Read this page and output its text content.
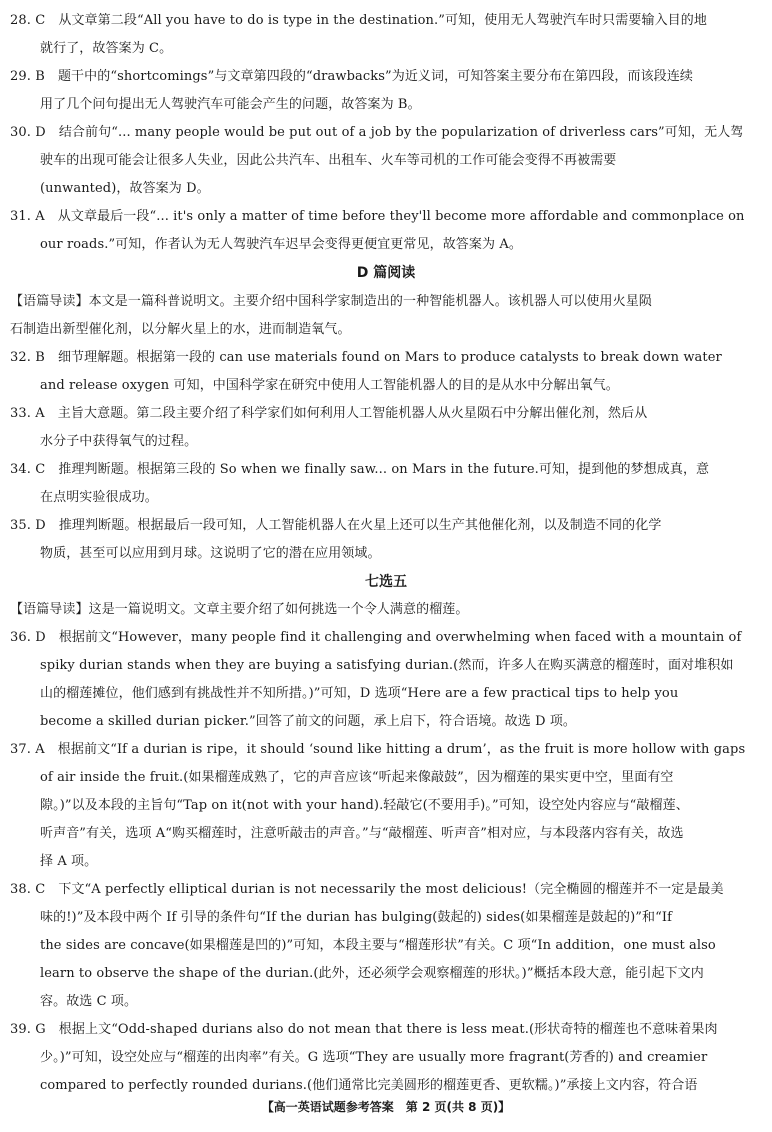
28. C　从文章第二段“All you have to do is type in the destination.”可知，使用无人驾驶汽车时只需要输入目的地
就行了，故答案为 C。
29. B　题干中的“shortcomings”与文章第四段的“drawbacks”为近义词，可知答案主要分布在第四段，而该段连续
用了几个问句提出无人驾驶汽车可能会产生的问题，故答案为 B。
30. D　结合前句“... many people would be put out of a job by the popularization of driverless cars”可知，无人驾
驶车的出现可能会让很多人失业，因此公共汽车、出租车、火车等司机的工作可能会变得不再被需要
(unwanted)，故答案为 D。
31. A　从文章最后一段“... it's only a matter of time before they'll become more affordable and commonplace on
our roads.”可知，作者认为无人驾驶汽车迟早会变得更便宜更常见，故答案为 A。
D 篇阅读
【语篇导读】本文是一篇科普说明文。主要介绍中国科学家制造出的一种智能机器人。该机器人可以使用火星陨
石制造出新型催化剂，以分解火星上的水，进而制造氧气。
32. B　细节理解题。根据第一段的 can use materials found on Mars to produce catalysts to break down water
and release oxygen 可知，中国科学家在研究中使用人工智能机器人的目的是从水中分解出氧气。
33. A　主旨大意题。第二段主要介绍了科学家们如何利用人工智能机器人从火星陨石中分解出催化剂，然后从
水分子中获得氧气的过程。
34. C　推理判断题。根据第三段的 So when we finally saw... on Mars in the future.可知，提到他的梦想成真，意
在点明实验很成功。
35. D　推理判断题。根据最后一段可知，人工智能机器人在火星上还可以生产其他催化剂，以及制造不同的化学
物质，甚至可以应用到月球。这说明了它的潜在应用领域。
七选五
【语篇导读】这是一篇说明文。文章主要介绍了如何挑选一个令人满意的榴莲。
36. D　根据前文“However，many people find it challenging and overwhelming when faced with a mountain of
spiky durian stands when they are buying a satisfying durian.(然而，许多人在购买满意的榴莲时，面对堆积如
山的榴莲摊位，他们感到有挑战性并不知所措。)”可知，D 选项“Here are a few practical tips to help you
become a skilled durian picker.”回答了前文的问题，承上启下，符合语境。故选 D 项。
37. A　根据前文“If a durian is ripe，it should ‘sound like hitting a drum’，as the fruit is more hollow with gaps
of air inside the fruit.(如果榴莲成熟了，它的声音应该“听起来像敲鼓”，因为榴莲的果实更中空，里面有空
隙。)”以及本段的主旨句“Tap on it(not with your hand).轻敲它(不要用手)。”可知，设空处内容应与“敲榴莲、
听声音”有关，选项 A“购买榴莲时，注意听敲击的声音。”与“敲榴莲、听声音”相对应，与本段落内容有关，故选
择 A 项。
38. C　下文“A perfectly elliptical durian is not necessarily the most delicious!（完全椭圆的榴莲并不一定是最美
味的!)”及本段中两个 If 引导的条件句“If the durian has bulging(鼓起的) sides(如果榴莲是鼓起的)”和“If
the sides are concave(如果榴莲是凹的)”可知，本段主要与“榴莲形状”有关。C 项“In addition，one must also
learn to observe the shape of the durian.(此外，还必须学会观察榴莲的形状。)”概括本段大意，能引起下文内
容。故选 C 项。
39. G　根据上文“Odd-shaped durians also do not mean that there is less meat.(形状奇特的榴莲也不意味着果肉
少。)”可知，设空处应与“榴莲的出肉率”有关。G 选项“They are usually more fragrant(芳香的) and creamier
compared to perfectly rounded durians.(他们通常比完美圆形的榴莲更香、更软糯。)”承接上文内容，符合语
【高一英语试题参考答案　第 2 页(共 8 页)】
